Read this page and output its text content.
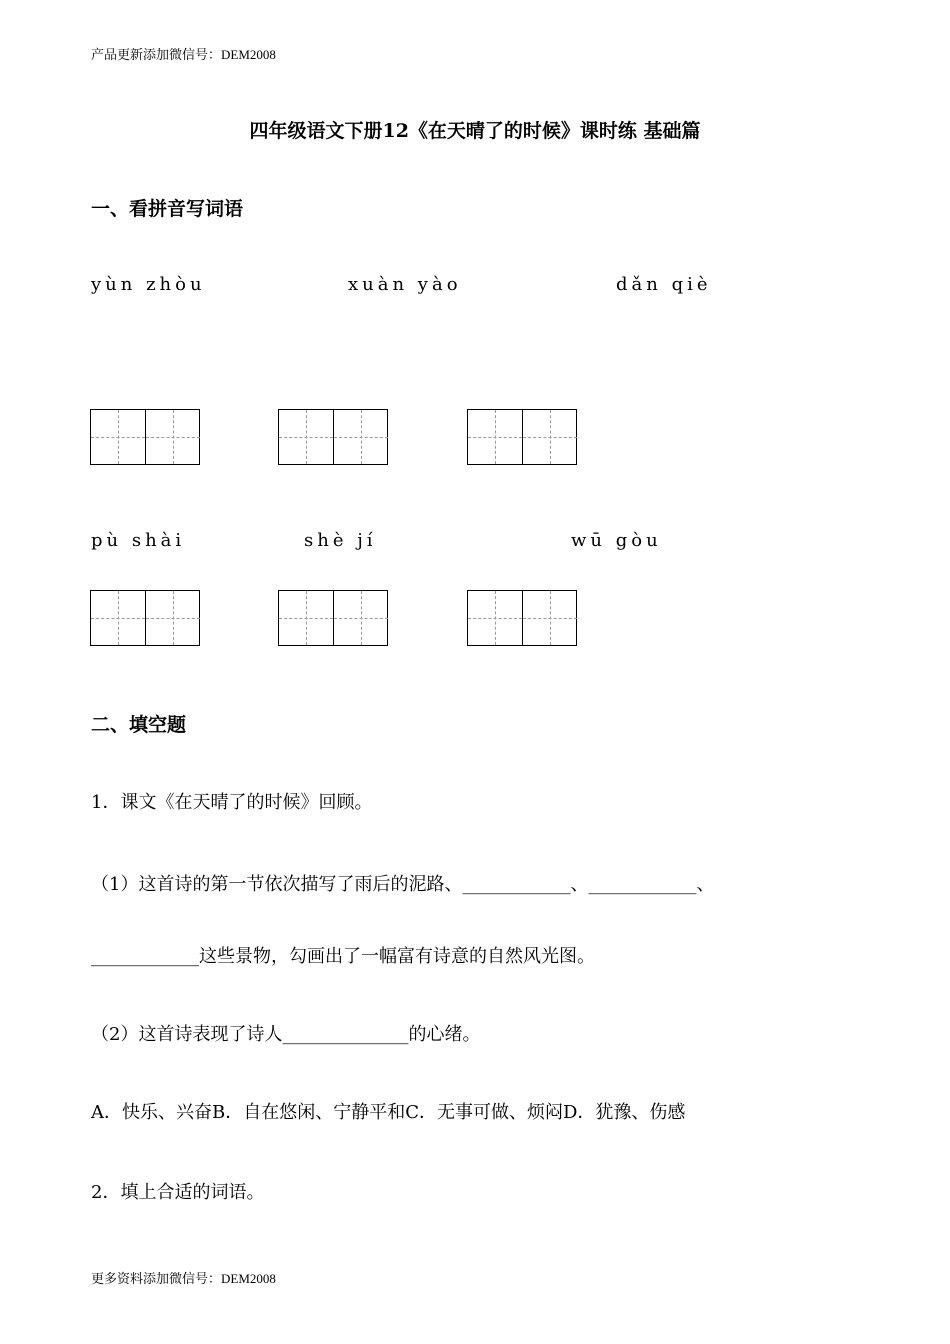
产品更新添加微信号：DEM2008
四年级语文下册12《在天晴了的时候》课时练 基础篇
一、看拼音写词语
yùn zhòu	xuàn yào	dǎn qiè
pù shài	shè jí	wū gòu
二、填空题
1．课文《在天晴了的时候》回顾。
（1）这首诗的第一节依次描写了雨后的泥路、____________、____________、
____________这些景物，勾画出了一幅富有诗意的自然风光图。
（2）这首诗表现了诗人______________的心绪。
A．快乐、兴奋B．自在悠闲、宁静平和C．无事可做、烦闷D．犹豫、伤感
2．填上合适的词语。
更多资料添加微信号：DEM2008
